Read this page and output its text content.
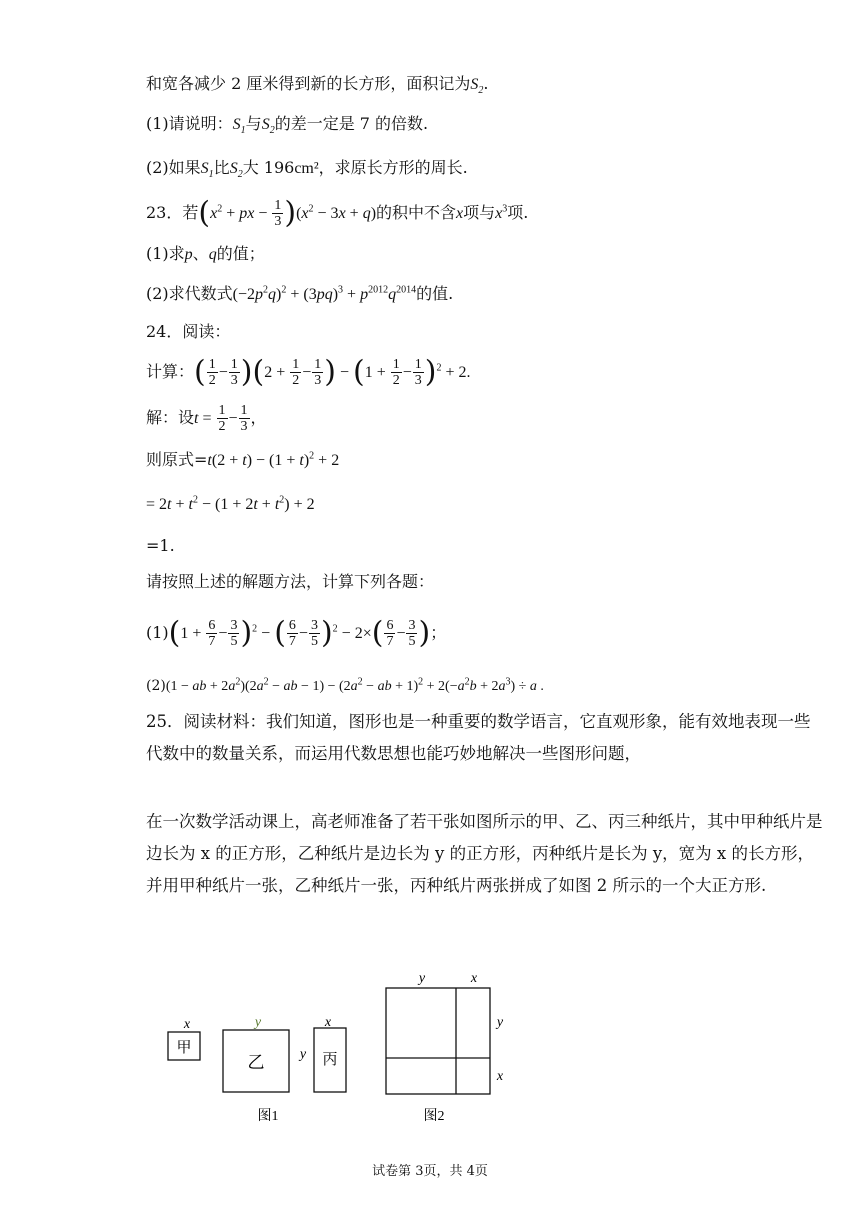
和宽各减少 2 厘米得到新的长方形，面积记为$S_2$.
(1)请说明：$S_1$与$S_2$的差一定是 7 的倍数.
(2)如果$S_1$比$S_2$大 196cm²，求原长方形的周长.
23．若($x^2$ + px − $\frac{1}{3} )(x^2 - 3x + q)$的积中不含x项与$x^3$项.
(1)求p、q的值；
(2)求代数式$(-2p^2q)^2 + (3pq)^3 + p^{2012}q^{2014}$的值.
24．阅读：
计算：( $\frac{1}{2} - \frac{1}{3} )(2 + \frac{1}{2} - \frac{1}{3}$ ) − $(1 + \frac{1}{2} - \frac{1}{3} )^2 + 2$.
解：设$t = \frac{1}{2} - \frac{1}{3}$ ，
则原式$=t(2 + t) - (1 + t)^2 + 2$
= $2t + t^2 - (1 + 2t + t^2) + 2$
=1.
请按照上述的解题方法，计算下列各题：
$(1)(1 + \frac{6}{7} - \frac{3}{5} )^2$ − ( $\frac{6}{7} - \frac{3}{5} )^2 - 2\times( \frac{6}{7} - \frac{3}{5}$ )；
(2)(1 − ab + $2a^2)(2a^2$ − ab − $1) - (2a^2$ − ab + $1)^2 + 2(-a^2b + 2a^3) \div a$ .
25．阅读材料：我们知道，图形也是一种重要的数学语言，它直观形象，能有效地表现一些代数中的数量关系，而运用代数思想也能巧妙地解决一些图形问题，
在一次数学活动课上，高老师准备了若干张如图所示的甲、乙、丙三种纸片，其中甲种纸片是边长为 x 的正方形，乙种纸片是边长为 y 的正方形，丙种纸片是长为 y，宽为 x 的长方形，并用甲种纸片一张，乙种纸片一张，丙种纸片两张拼成了如图 2 所示的一个大正方形.
x
甲
y
乙
x
y 丙
图1
y	x
y
x
图2
试卷第 3页，共 4页
